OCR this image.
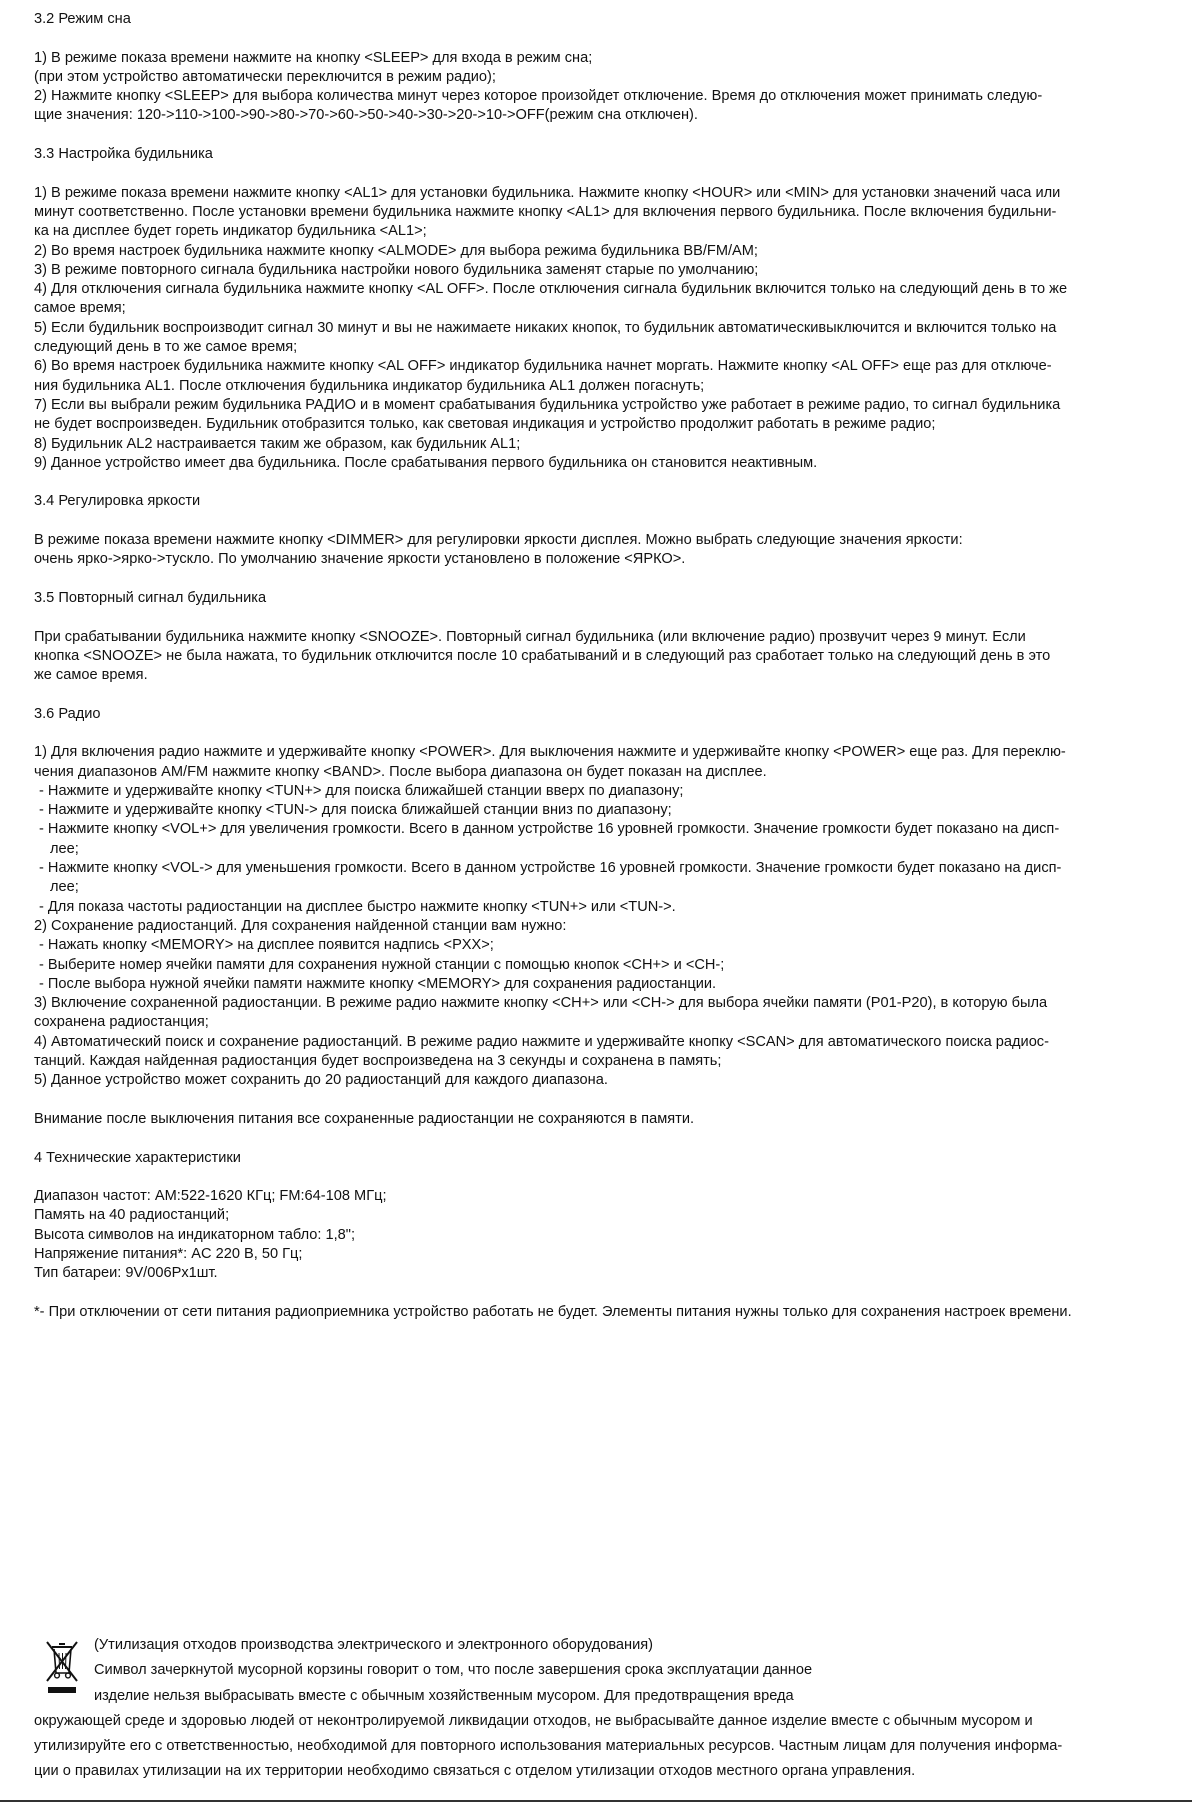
3.2 Режим сна
1) В режиме показа времени нажмите на кнопку <SLEEP> для входа в режим сна;
(при этом устройство автоматически переключится в режим радио);
2) Нажмите кнопку <SLEEP> для выбора количества минут через которое произойдет отключение. Время до отключения может принимать следую-
щие значения: 120->110->100->90->80->70->60->50->40->30->20->10->OFF(режим сна отключен).
3.3 Настройка будильника
1) В режиме показа времени нажмите кнопку <AL1> для установки будильника. Нажмите кнопку <HOUR> или <MIN> для установки значений часа или
минут соответственно. После установки времени будильника нажмите кнопку <AL1> для включения первого будильника. После включения будильни-
ка на дисплее будет гореть индикатор будильника <AL1>;
2) Во время настроек будильника нажмите кнопку <ALMODE> для выбора режима будильника BB/FM/AM;
3) В режиме повторного сигнала будильника настройки нового будильника заменят старые по умолчанию;
4) Для отключения сигнала будильника нажмите кнопку <AL OFF>. После отключения сигнала будильник включится только на следующий день в то же
самое время;
5) Если будильник воспроизводит сигнал 30 минут и вы не нажимаете никаких кнопок, то будильник автоматическивыключится и включится только на
следующий день в то же самое время;
6) Во время настроек будильника нажмите кнопку <AL OFF> индикатор будильника начнет моргать. Нажмите кнопку <AL OFF> еще раз для отключе-
ния будильника AL1. После отключения будильника индикатор будильника AL1 должен погаснуть;
7) Если вы выбрали режим будильника РАДИО и в момент срабатывания будильника устройство уже работает в режиме радио, то сигнал будильника
не будет воспроизведен. Будильник отобразится только, как световая индикация и устройство продолжит работать в режиме радио;
8) Будильник AL2 настраивается таким же образом, как будильник AL1;
9) Данное устройство имеет два будильника. После срабатывания первого будильника он становится неактивным.
3.4 Регулировка яркости
В режиме показа времени нажмите кнопку <DIMMER> для регулировки яркости дисплея. Можно выбрать следующие значения яркости:
очень ярко->ярко->тускло. По умолчанию значение яркости установлено в положение <ЯРКО>.
3.5 Повторный сигнал будильника
При срабатывании будильника нажмите кнопку <SNOOZE>. Повторный сигнал будильника (или включение радио) прозвучит через 9 минут. Если
кнопка <SNOOZE> не была нажата, то будильник отключится после 10 срабатываний и в следующий раз сработает только на следующий день в это
же самое время.
3.6 Радио
1) Для включения радио нажмите и удерживайте кнопку <POWER>. Для выключения нажмите и удерживайте кнопку <POWER> еще раз. Для переклю-
чения диапазонов AM/FM нажмите кнопку <BAND>. После выбора диапазона он будет показан на дисплее.
- Нажмите и удерживайте кнопку <TUN+> для поиска ближайшей станции вверх по диапазону;
- Нажмите и удерживайте кнопку <TUN-> для поиска ближайшей станции вниз по диапазону;
- Нажмите кнопку <VOL+> для увеличения громкости. Всего в данном устройстве 16 уровней громкости. Значение громкости будет показано на дисп-
лее;
- Нажмите кнопку <VOL-> для уменьшения громкости. Всего в данном устройстве 16 уровней громкости. Значение громкости будет показано на дисп-
лее;
- Для показа частоты радиостанции на дисплее быстро нажмите кнопку <TUN+> или <TUN->.
2) Сохранение радиостанций. Для сохранения найденной станции вам нужно:
- Нажать кнопку <MEMORY> на дисплее появится надпись <PXX>;
- Выберите номер ячейки памяти для сохранения нужной станции с помощью кнопок <CH+> и <CH-;
- После выбора нужной ячейки памяти нажмите кнопку <MEMORY> для сохранения радиостанции.
3) Включение сохраненной радиостанции. В режиме радио нажмите кнопку <CH+> или <CH-> для выбора ячейки памяти (P01-P20), в которую была
сохранена радиостанция;
4) Автоматический поиск и сохранение радиостанций. В режиме радио нажмите и удерживайте кнопку <SCAN> для автоматического поиска радиос-
танций. Каждая найденная радиостанция будет воспроизведена на 3 секунды и сохранена в память;
5) Данное устройство может сохранить до 20 радиостанций для каждого диапазона.
Внимание после выключения питания все сохраненные радиостанции не сохраняются в памяти.
4 Технические характеристики
Диапазон частот: AM:522-1620 КГц; FM:64-108 МГц;
Память на 40 радиостанций;
Высота символов на индикаторном табло: 1,8";
Напряжение питания*: AC 220 В, 50 Гц;
Тип батареи: 9V/006Px1шт.
*- При отключении от сети питания радиоприемника устройство работать не будет. Элементы питания нужны только для сохранения настроек времени.
(Утилизация отходов производства электрического и электронного оборудования)
Символ зачеркнутой мусорной корзины говорит о том, что после завершения срока эксплуатации данное
изделие нельзя выбрасывать вместе с обычным хозяйственным мусором. Для предотвращения вреда
окружающей среде и здоровью людей от неконтролируемой ликвидации отходов, не выбрасывайте данное изделие вместе с обычным мусором и
утилизируйте его с ответственностью, необходимой для повторного использования материальных ресурсов. Частным лицам для получения информа-
ции о правилах утилизации на их территории необходимо связаться с отделом утилизации отходов местного органа управления.
